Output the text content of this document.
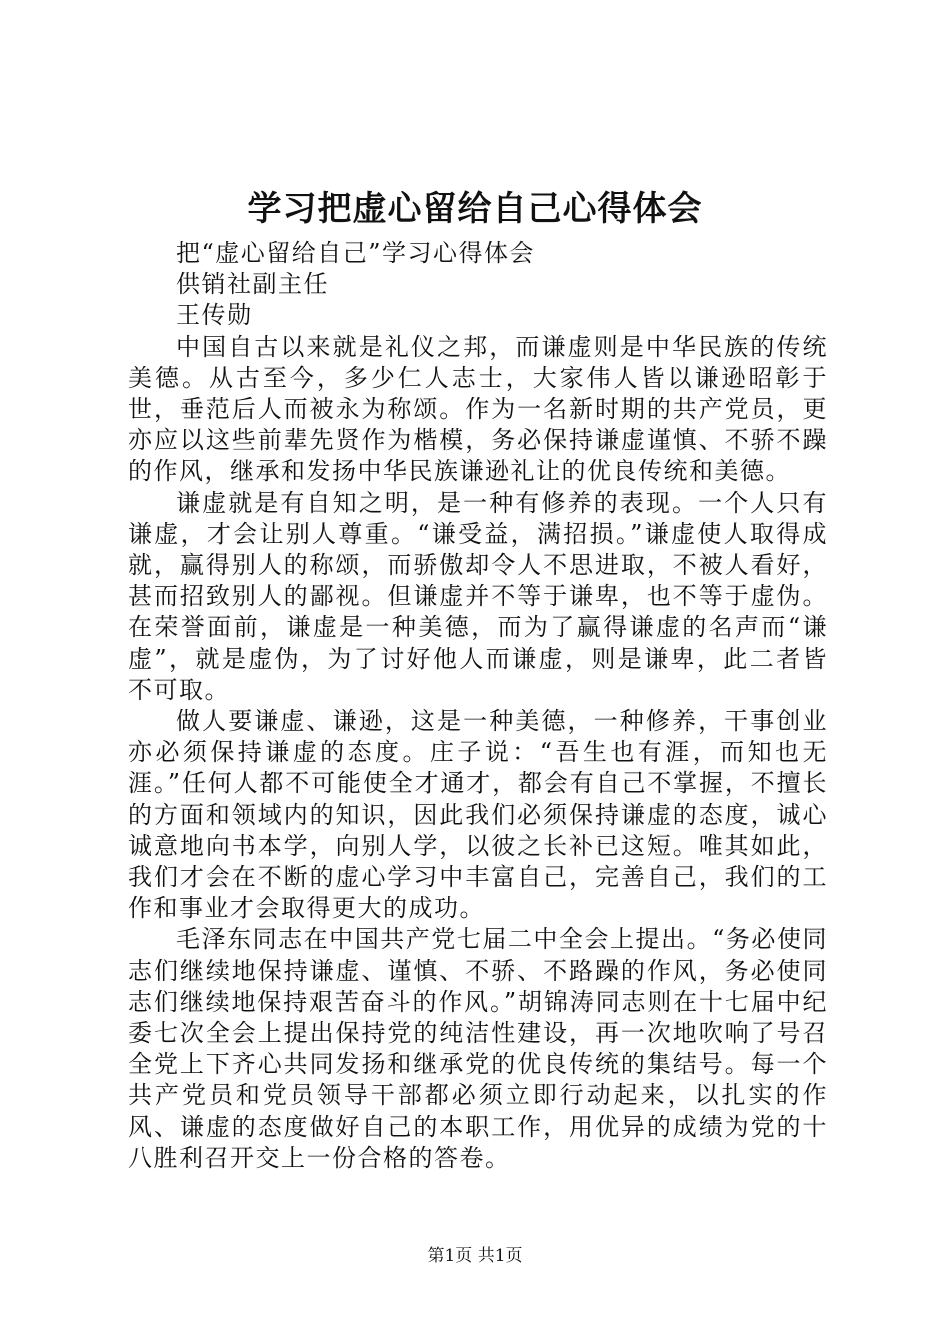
学习把虚心留给自己心得体会

把“虚心留给自己”学习心得体会

供销社副主任

王传勋

中国自古以来就是礼仪之邦，而谦虚则是中华民族的传统美德。从古至今，多少仁人志士，大家伟人皆以谦逊昭彰于世，垂范后人而被永为称颂。作为一名新时期的共产党员，更亦应以这些前辈先贤作为楷模，务必保持谦虚谨慎、不骄不躁的作风，继承和发扬中华民族谦逊礼让的优良传统和美德。

谦虚就是有自知之明，是一种有修养的表现。一个人只有谦虚，才会让别人尊重。“谦受益，满招损。”谦虚使人取得成就，赢得别人的称颂，而骄傲却令人不思进取，不被人看好，甚而招致别人的鄙视。但谦虚并不等于谦卑，也不等于虚伪。在荣誉面前，谦虚是一种美德，而为了赢得谦虚的名声而“谦虚”，就是虚伪，为了讨好他人而谦虚，则是谦卑，此二者皆不可取。

做人要谦虚、谦逊，这是一种美德，一种修养，干事创业亦必须保持谦虚的态度。庄子说：“吾生也有涯，而知也无涯。”任何人都不可能使全才通才，都会有自己不掌握，不擅长的方面和领域内的知识，因此我们必须保持谦虚的态度，诚心诚意地向书本学，向别人学，以彼之长补已这短。唯其如此，我们才会在不断的虚心学习中丰富自己，完善自己，我们的工作和事业才会取得更大的成功。

毛泽东同志在中国共产党七届二中全会上提出。“务必使同志们继续地保持谦虚、谨慎、不骄、不路躁的作风，务必使同志们继续地保持艰苦奋斗的作风。”胡锦涛同志则在十七届中纪委七次全会上提出保持党的纯洁性建设，再一次地吹响了号召全党上下齐心共同发扬和继承党的优良传统的集结号。每一个共产党员和党员领导干部都必须立即行动起来，以扎实的作风、谦虚的态度做好自己的本职工作，用优异的成绩为党的十八胜利召开交上一份合格的答卷。

第1页 共1页
